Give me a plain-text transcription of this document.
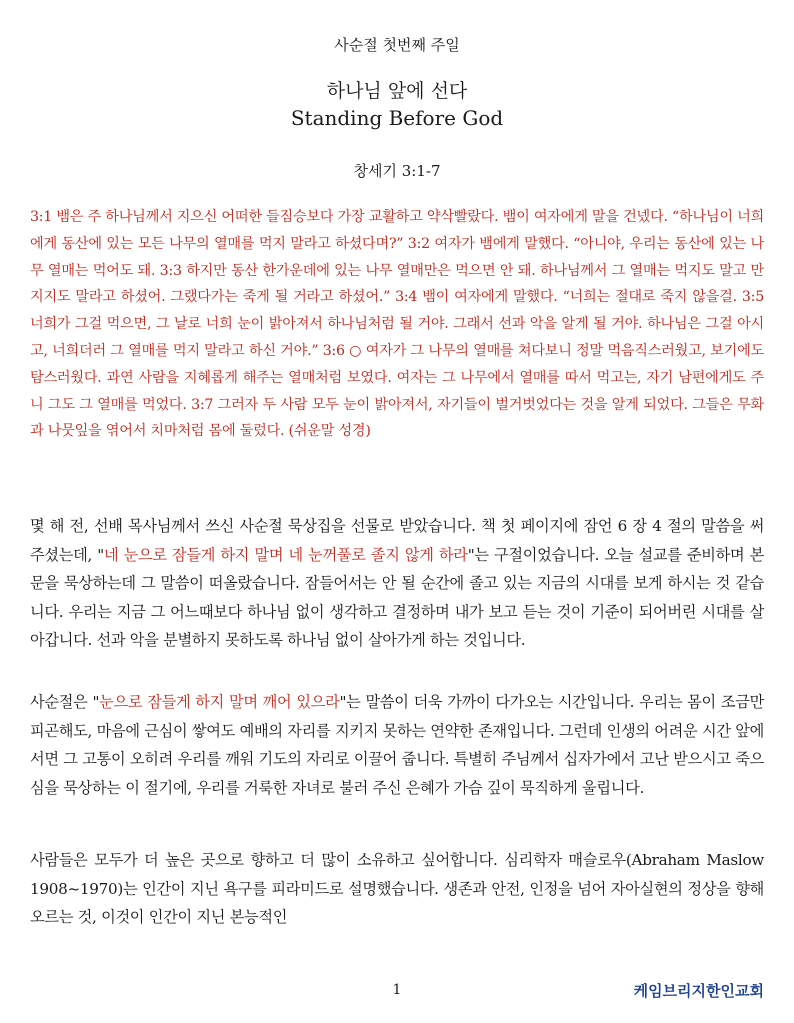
사순절 첫번째 주일
하나님 앞에 선다
Standing Before God
창세기 3:1-7
3:1 뱀은 주 하나님께서 지으신 어떠한 들짐승보다 가장 교활하고 약삭빨랐다. 뱀이 여자에게 말을 건넸다. “하나님이 너희에게 동산에 있는 모든 나무의 열매를 먹지 말라고 하셨다며?” 3:2 여자가 뱀에게 말했다. “아니야, 우리는 동산에 있는 나무 열매는 먹어도 돼. 3:3 하지만 동산 한가운데에 있는 나무 열매만은 먹으면 안 돼. 하나님께서 그 열매는 먹지도 말고 만지지도 말라고 하셨어. 그랬다가는 죽게 될 거라고 하셨어.” 3:4 뱀이 여자에게 말했다. “너희는 절대로 죽지 않을걸. 3:5 너희가 그걸 먹으면, 그 날로 너희 눈이 밝아져서 하나님처럼 될 거야. 그래서 선과 악을 알게 될 거야. 하나님은 그걸 아시고, 너희더러 그 열매를 먹지 말라고 하신 거야.” 3:6 ○ 여자가 그 나무의 열매를 쳐다보니 정말 먹음직스러웠고, 보기에도 탐스러웠다. 과연 사람을 지혜롭게 해주는 열매처럼 보였다. 여자는 그 나무에서 열매를 따서 먹고는, 자기 남편에게도 주니 그도 그 열매를 먹었다. 3:7 그러자 두 사람 모두 눈이 밝아져서, 자기들이 벌거벗었다는 것을 알게 되었다. 그들은 무화과 나뭇잎을 엮어서 치마처럼 몸에 둘렀다. (쉬운말 성경)
몇 해 전, 선배 목사님께서 쓰신 사순절 묵상집을 선물로 받았습니다. 책 첫 페이지에 잠언 6 장 4 절의 말씀을 써 주셨는데, "네 눈으로 잠들게 하지 말며 네 눈꺼풀로 졸지 않게 하라"는 구절이었습니다. 오늘 설교를 준비하며 본문을 묵상하는데 그 말씀이 떠올랐습니다. 잠들어서는 안 될 순간에 졸고 있는 지금의 시대를 보게 하시는 것 같습니다. 우리는 지금 그 어느때보다 하나님 없이 생각하고 결정하며 내가 보고 듣는 것이 기준이 되어버린 시대를 살아갑니다. 선과 악을 분별하지 못하도록 하나님 없이 살아가게 하는 것입니다.
사순절은 "눈으로 잠들게 하지 말며 깨어 있으라"는 말씀이 더욱 가까이 다가오는 시간입니다. 우리는 몸이 조금만 피곤해도, 마음에 근심이 쌓여도 예배의 자리를 지키지 못하는 연약한 존재입니다. 그런데 인생의 어려운 시간 앞에 서면 그 고통이 오히려 우리를 깨워 기도의 자리로 이끌어 줍니다. 특별히 주님께서 십자가에서 고난 받으시고 죽으심을 묵상하는 이 절기에, 우리를 거룩한 자녀로 불러 주신 은혜가 가슴 깊이 묵직하게 울립니다.
사람들은 모두가 더 높은 곳으로 향하고 더 많이 소유하고 싶어합니다. 심리학자 매슬로우(Abraham Maslow 1908~1970)는 인간이 지닌 욕구를 피라미드로 설명했습니다. 생존과 안전, 인정을 넘어 자아실현의 정상을 향해 오르는 것, 이것이 인간이 지닌 본능적인
1	케임브리지한인교회
